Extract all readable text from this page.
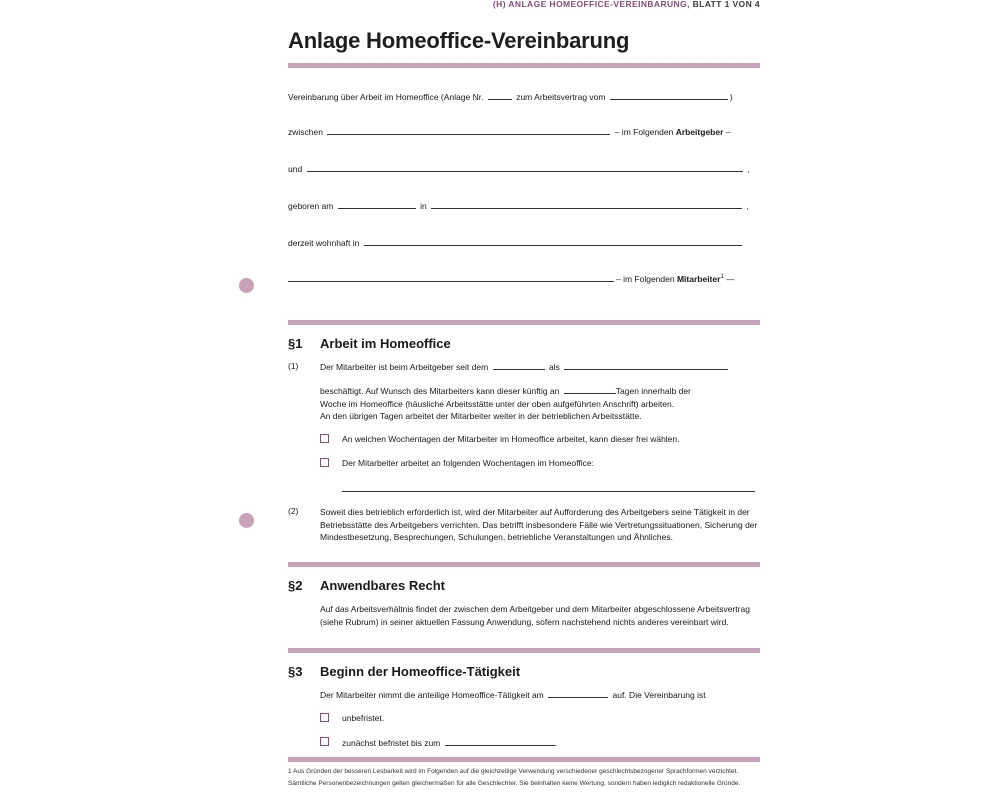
(H) ANLAGE HOMEOFFICE-VEREINBARUNG, BLATT 1 VON 4
Anlage Homeoffice-Vereinbarung
Vereinbarung über Arbeit im Homeoffice (Anlage Nr.	zum Arbeitsvertrag vom	)
zwischen	– im Folgenden Arbeitgeber –
und	,
geboren am	in	,
derzeit wohnhaft in
– im Folgenden Mitarbeiter$^1$ —
§1 Arbeit im Homeoffice
(1)	Der Mitarbeiter ist beim Arbeitgeber seit dem	als
beschäftigt. Auf Wunsch des Mitarbeiters kann dieser künftig an	Tagen innerhalb der
Woche im Homeoffice (häusliche Arbeitsstätte unter der oben aufgeführten Anschrift) arbeiten.
An den übrigen Tagen arbeitet der Mitarbeiter weiter in der betrieblichen Arbeitsstätte.
An welchen Wochentagen der Mitarbeiter im Homeoffice arbeitet, kann dieser frei wählen.
Der Mitarbeiter arbeitet an folgenden Wochentagen im Homeoffice:
(2)	Soweit dies betrieblich erforderlich ist, wird der Mitarbeiter auf Aufforderung des Arbeitgebers seine Tätigkeit in der Betriebsstätte des Arbeitgebers verrichten. Das betrifft insbesondere Fälle wie Vertretungssituationen, Sicherung der Mindestbesetzung, Besprechungen, Schulungen, betriebliche Veranstaltungen und Ähnliches.
§2 Anwendbares Recht
Auf das Arbeitsverhältnis findet der zwischen dem Arbeitgeber und dem Mitarbeiter abgeschlossene Arbeitsvertrag (siehe Rubrum) in seiner aktuellen Fassung Anwendung, sofern nachstehend nichts anderes vereinbart wird.
§3 Beginn der Homeoffice-Tätigkeit
Der Mitarbeiter nimmt die anteilige Homeoffice-Tätigkeit am	auf. Die Vereinbarung ist
unbefristet.
zunächst befristet bis zum	.
1 Aus Gründen der besseren Lesbarkeit wird im Folgenden auf die gleichzeitige Verwendung verschiedener geschlechtsbezogener Sprachformen verzichtet. Sämtliche Personenbezeichnungen gelten gleichermaßen für alle Geschlechter. Sie beinhalten keine Wertung, sondern haben lediglich redaktionelle Gründe.
